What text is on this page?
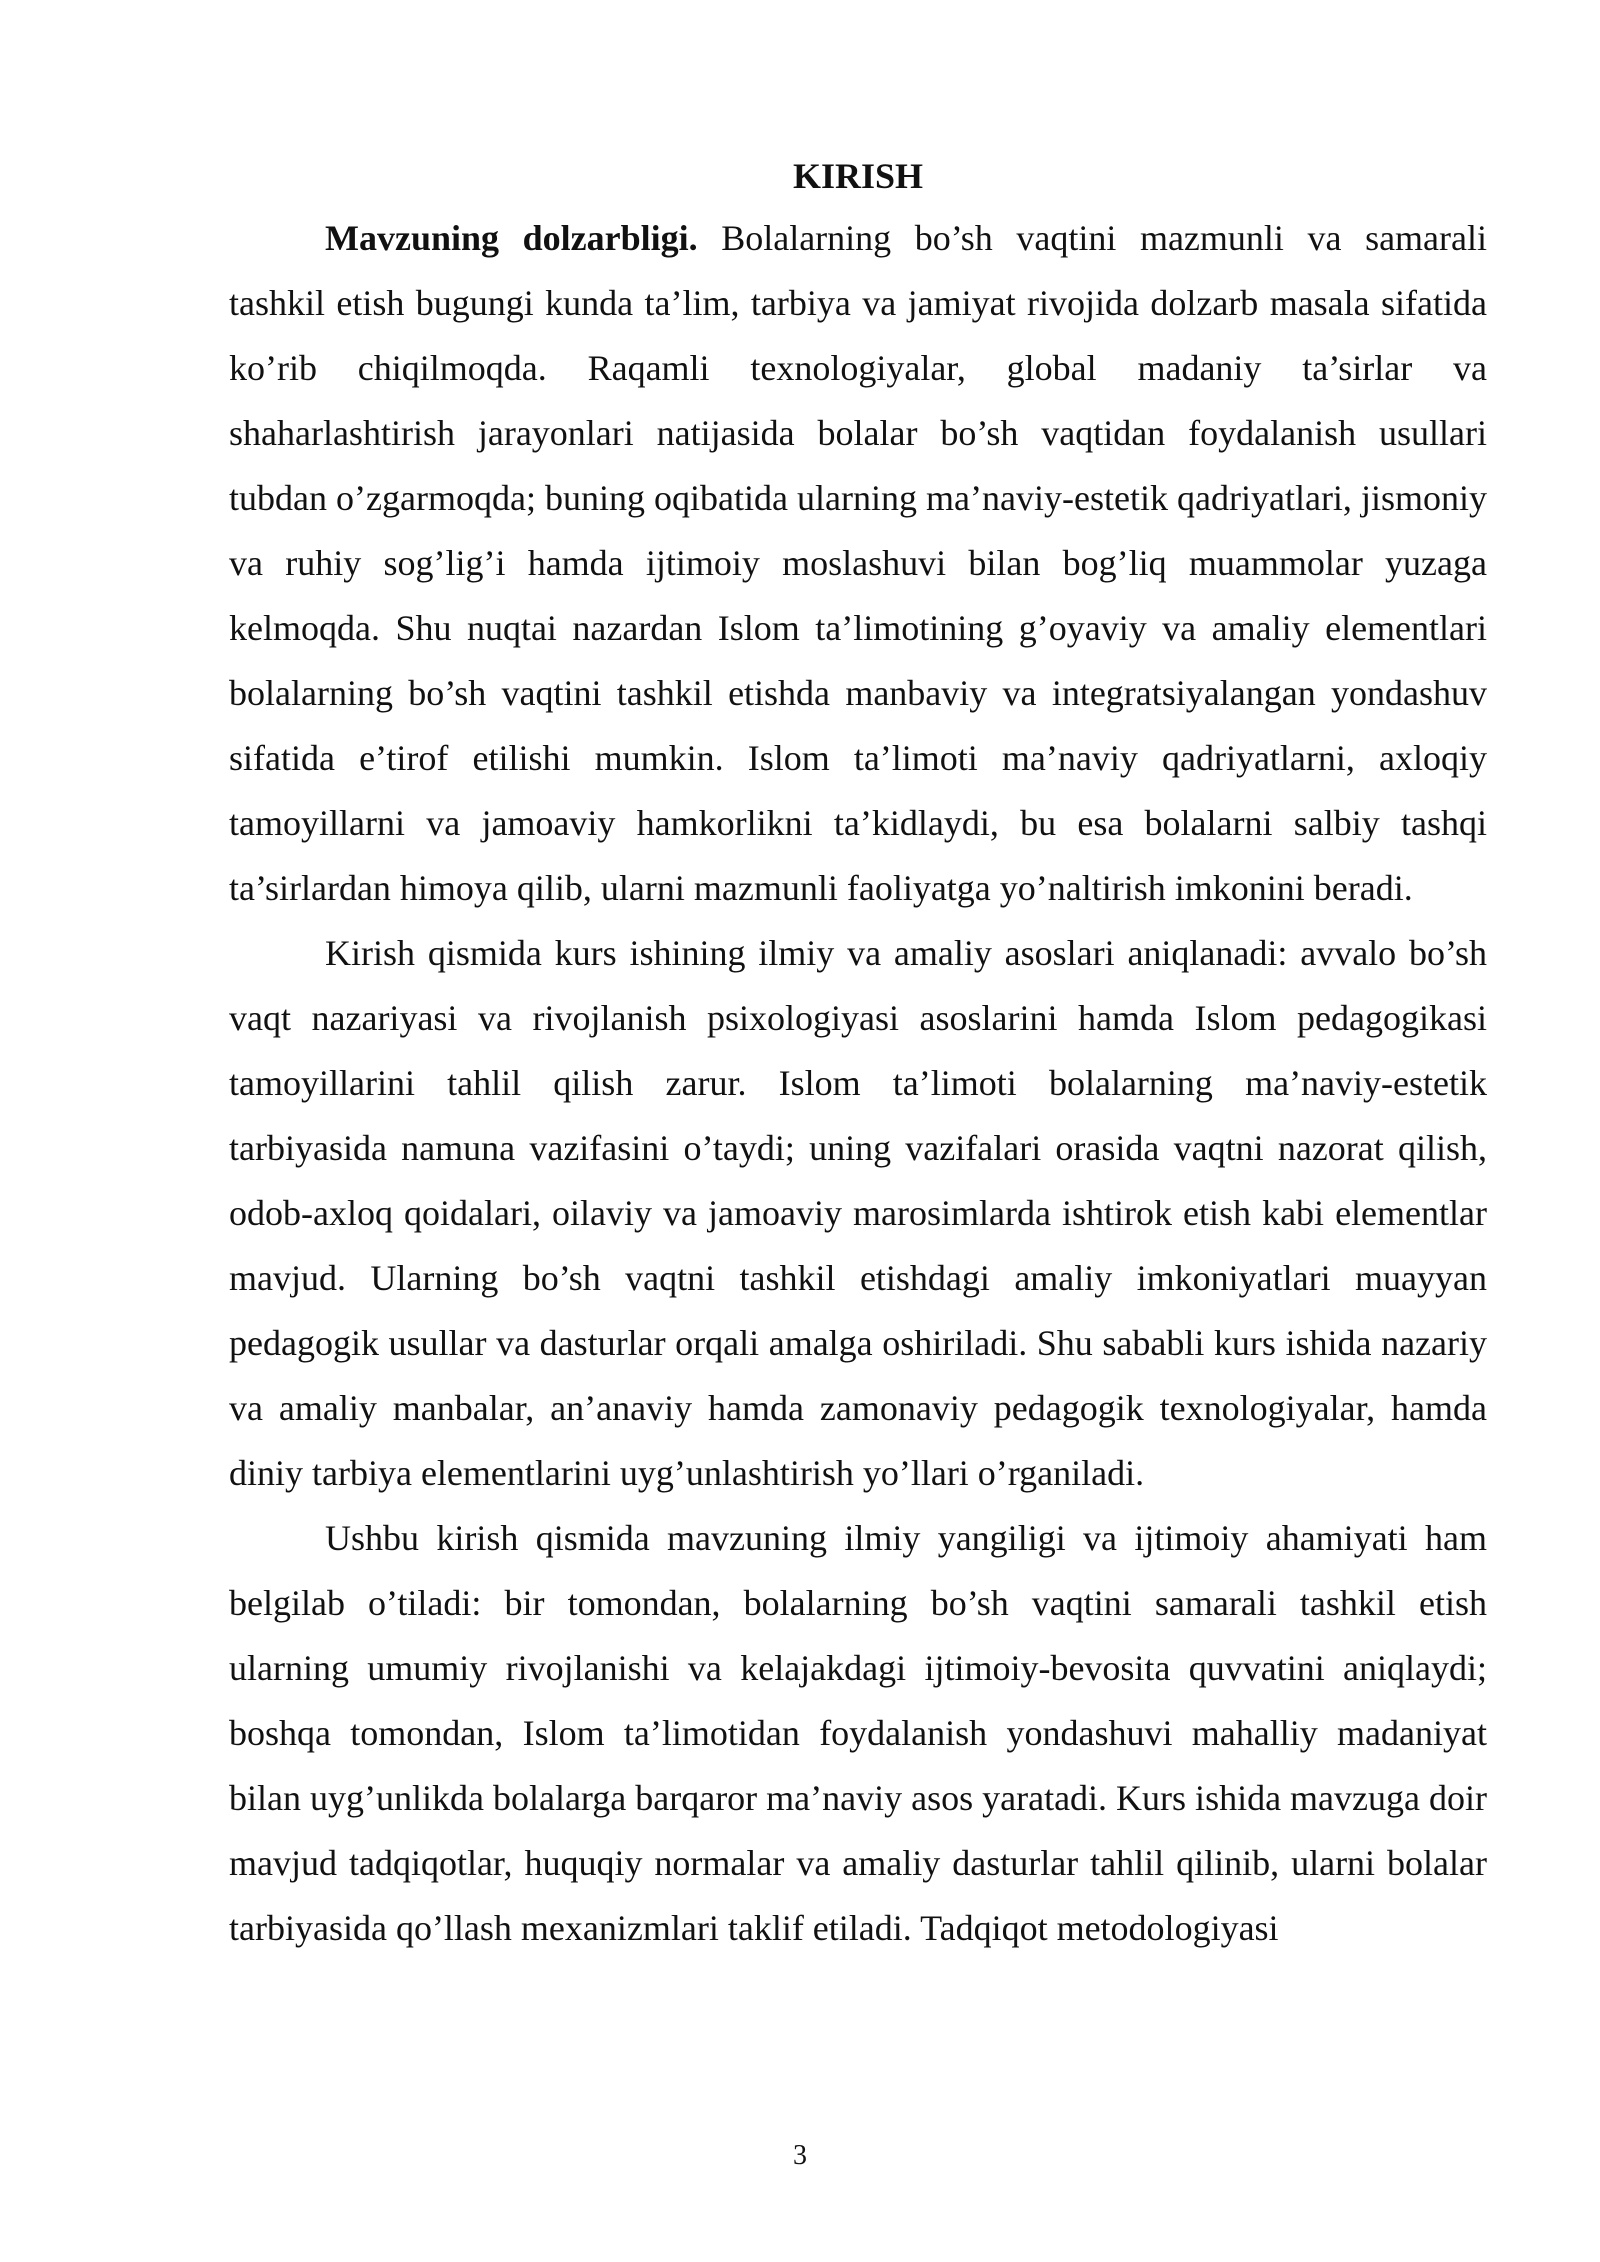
KIRISH

Mavzuning dolzarbligi. Bolalarning bo’sh vaqtini mazmunli va samarali tashkil etish bugungi kunda ta’lim, tarbiya va jamiyat rivojida dolzarb masala sifatida ko’rib chiqilmoqda. Raqamli texnologiyalar, global madaniy ta’sirlar va shaharlashtirish jarayonlari natijasida bolalar bo’sh vaqtidan foydalanish usullari tubdan o’zgarmoqda; buning oqibatida ularning ma’naviy-estetik qadriyatlari, jismoniy va ruhiy sog’lig’i hamda ijtimoiy moslashuvi bilan bog’liq muammolar yuzaga kelmoqda. Shu nuqtai nazardan Islom ta’limotining g’oyaviy va amaliy elementlari bolalarning bo’sh vaqtini tashkil etishda manbaviy va integratsiyalangan yondashuv sifatida e’tirof etilishi mumkin. Islom ta’limoti ma’naviy qadriyatlarni, axloqiy tamoyillarni va jamoaviy hamkorlikni ta’kidlaydi, bu esa bolalarni salbiy tashqi ta’sirlardan himoya qilib, ularni mazmunli faoliyatga yo’naltirish imkonini beradi.

Kirish qismida kurs ishining ilmiy va amaliy asoslari aniqlanadi: avvalo bo’sh vaqt nazariyasi va rivojlanish psixologiyasi asoslarini hamda Islom pedagogikasi tamoyillarini tahlil qilish zarur. Islom ta’limoti bolalarning ma’naviy-estetik tarbiyasida namuna vazifasini o’taydi; uning vazifalari orasida vaqtni nazorat qilish, odob-axloq qoidalari, oilaviy va jamoaviy marosimlarda ishtirok etish kabi elementlar mavjud. Ularning bo’sh vaqtni tashkil etishdagi amaliy imkoniyatlari muayyan pedagogik usullar va dasturlar orqali amalga oshiriladi. Shu sababli kurs ishida nazariy va amaliy manbalar, an’anaviy hamda zamonaviy pedagogik texnologiyalar, hamda diniy tarbiya elementlarini uyg’unlashtirish yo’llari o’rganiladi.

Ushbu kirish qismida mavzuning ilmiy yangiligi va ijtimoiy ahamiyati ham belgilab o’tiladi: bir tomondan, bolalarning bo’sh vaqtini samarali tashkil etish ularning umumiy rivojlanishi va kelajakdagi ijtimoiy-bevosita quvvatini aniqlaydi; boshqa tomondan, Islom ta’limotidan foydalanish yondashuvi mahalliy madaniyat bilan uyg’unlikda bolalarga barqaror ma’naviy asos yaratadi. Kurs ishida mavzuga doir mavjud tadqiqotlar, huquqiy normalar va amaliy dasturlar tahlil qilinib, ularni bolalar tarbiyasida qo’llash mexanizmlari taklif etiladi. Tadqiqot metodologiyasi

3
